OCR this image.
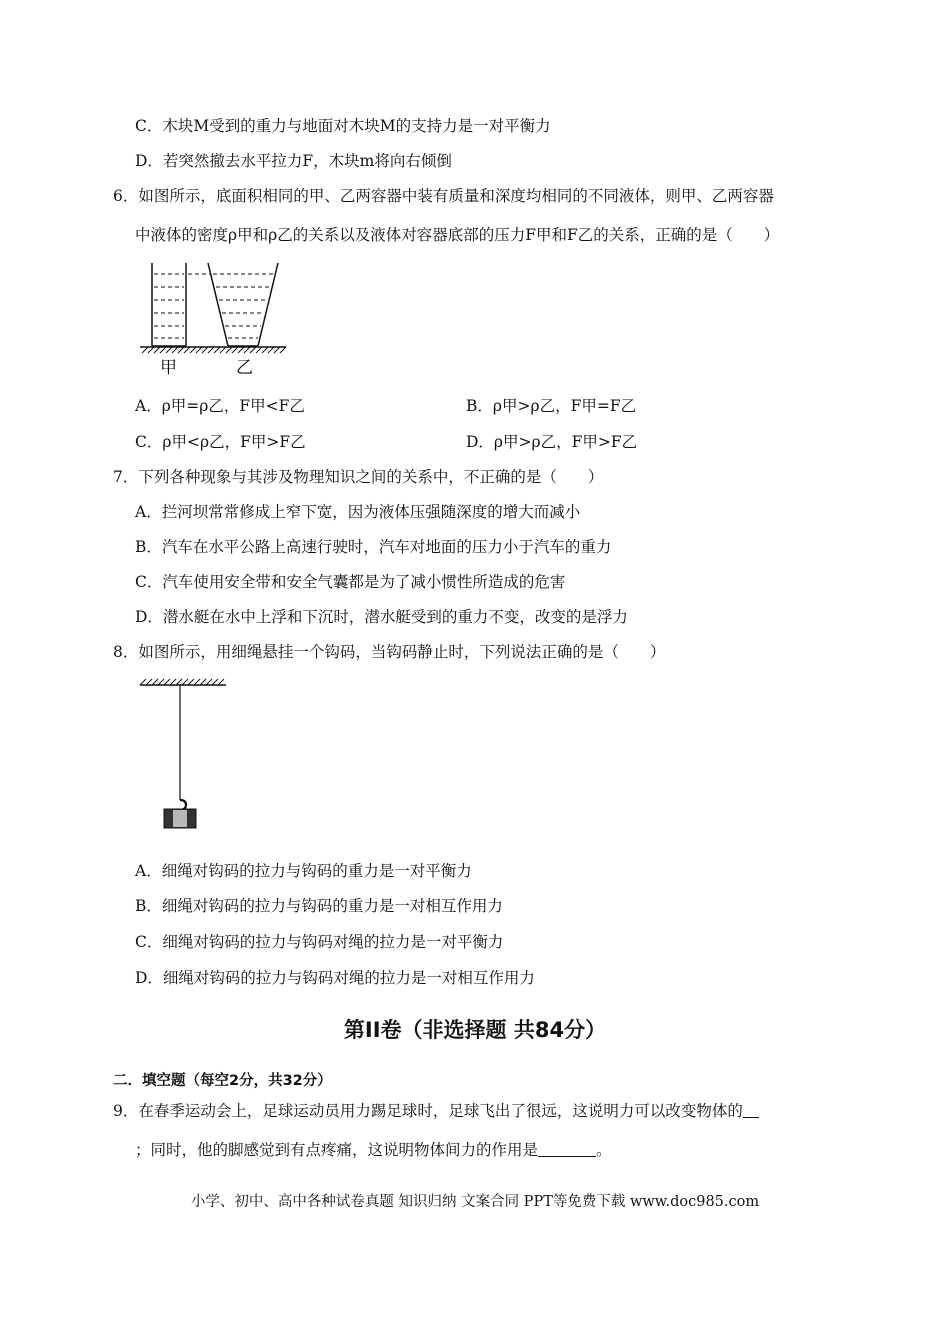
C．木块M受到的重力与地面对木块M的支持力是一对平衡力
D．若突然撤去水平拉力F，木块m将向右倾倒
6．如图所示，底面积相同的甲、乙两容器中装有质量和深度均相同的不同液体，则甲、乙两容器
中液体的密度ρ甲和ρ乙的关系以及液体对容器底部的压力F甲和F乙的关系，正确的是（　　）
甲	乙
A．ρ甲=ρ乙，F甲<F乙	B．ρ甲>ρ乙，F甲=F乙
C．ρ甲<ρ乙，F甲>F乙	D．ρ甲>ρ乙，F甲>F乙
7．下列各种现象与其涉及物理知识之间的关系中，不正确的是（　　）
A．拦河坝常常修成上窄下宽，因为液体压强随深度的增大而减小
B．汽车在水平公路上高速行驶时，汽车对地面的压力小于汽车的重力
C．汽车使用安全带和安全气囊都是为了减小惯性所造成的危害
D．潜水艇在水中上浮和下沉时，潜水艇受到的重力不变，改变的是浮力
8．如图所示，用细绳悬挂一个钩码，当钩码静止时，下列说法正确的是（　　）
A．细绳对钩码的拉力与钩码的重力是一对平衡力
B．细绳对钩码的拉力与钩码的重力是一对相互作用力
C．细绳对钩码的拉力与钩码对绳的拉力是一对平衡力
D．细绳对钩码的拉力与钩码对绳的拉力是一对相互作用力
第II卷（非选择题 共84分）
二．填空题（每空2分，共32分）
9．在春季运动会上，足球运动员用力踢足球时，足球飞出了很远，这说明力可以改变物体的
；同时，他的脚感觉到有点疼痛，这说明物体间力的作用是	。
小学、初中、高中各种试卷真题 知识归纳 文案合同 PPT等免费下载 www.doc985.com
